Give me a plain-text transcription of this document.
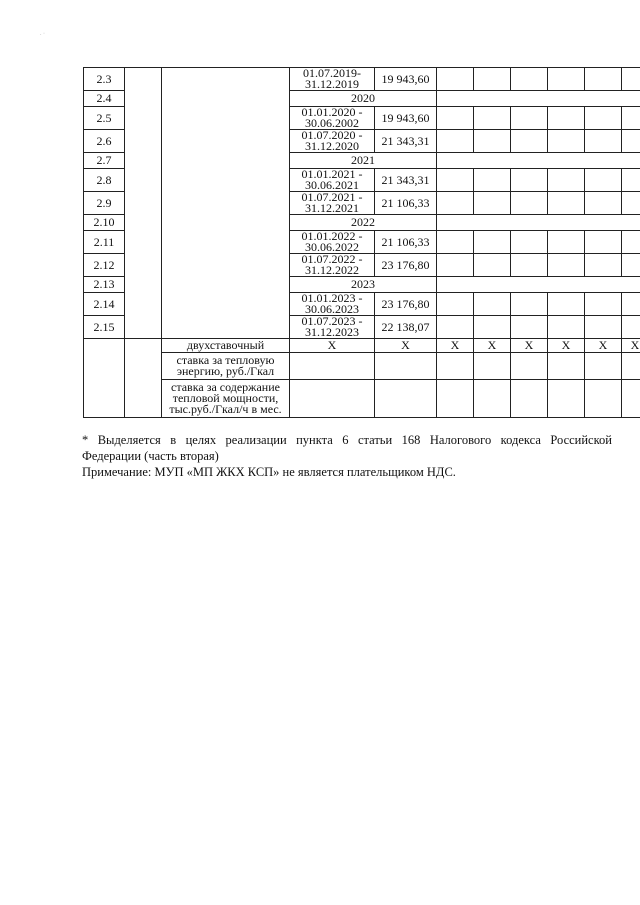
. ·
2.3			01.07.2019-
31.12.2019	19 943,60						
2.4			2020							
2.5			01.01.2020 -
30.06.2002	19 943,60						
2.6			01.07.2020 -
31.12.2020	21 343,31						
2.7			2021							
2.8			01.01.2021 -
30.06.2021	21 343,31						
2.9			01.07.2021 -
31.12.2021	21 106,33						
2.10			2022							
2.11			01.01.2022 -
30.06.2022	21 106,33						
2.12			01.07.2022 -
31.12.2022	23 176,80						
2.13			2023							
2.14			01.01.2023 -
30.06.2023	23 176,80						
2.15			01.07.2023 -
31.12.2023	22 138,07						
		двухставочный	X	X	X	X	X	X	X	X
		ставка за тепловую энергию, руб./Гкал								
		ставка за содержание тепловой мощности, тыс.руб./Гкал/ч в мес.								
* Выделяется в целях реализации пункта 6 статьи 168 Налогового кодекса Российской
Федерации (часть вторая)
Примечание: МУП «МП ЖКХ КСП» не является плательщиком НДС.
